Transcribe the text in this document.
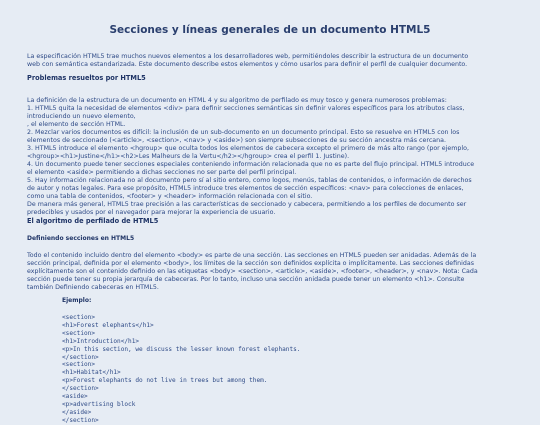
Secciones y líneas generales de un documento HTML5
La especificación HTML5 trae muchos nuevos elementos a los desarrolladores web, permitiéndoles describir la estructura de un documento
web con semántica estandarizada. Este documento describe estos elementos y cómo usarlos para definir el perfil de cualquier documento.
Problemas resueltos por HTML5
La definición de la estructura de un documento en HTML 4 y su algoritmo de perfilado es muy tosco y genera numerosos problemas:
1. HTML5 quita la necesidad de elementos <div> para definir secciones semánticas sin definir valores específicos para los atributos class,
introduciendo un nuevo elemento,
, el elemento de sección HTML.
2. Mezclar varios documentos es difícil: la inclusión de un sub-documento en un documento principal. Esto se resuelve en HTML5 con los
elementos de seccionado (<article>, <section>, <nav> y <aside>) son siempre subsecciones de su sección ancestra más cercana.
3. HTML5 introduce el elemento <hgroup> que oculta todos los elementos de cabecera excepto el primero de más alto rango (por ejemplo,
<hgroup><h1>Justine</h1><h2>Les Malheurs de la Vertu</h2></hgroup> crea el perfil 1. Justine).
4. Un documento puede tener secciones especiales conteniendo información relacionada que no es parte del flujo principal. HTML5 introduce
el elemento <aside> permitiendo a dichas secciones no ser parte del perfil principal.
5. Hay información relacionada no al documento pero sí al sitio entero, como logos, menús, tablas de contenidos, o información de derechos
de autor y notas legales. Para ese propósito, HTML5 introduce tres elementos de sección específicos: <nav> para colecciones de enlaces,
como una tabla de contenidos, <footer> y <header> información relacionada con el sitio.
De manera más general, HTML5 trae precisión a las características de seccionado y cabecera, permitiendo a los perfiles de documento ser
predecibles y usados por el navegador para mejorar la experiencia de usuario.
El algoritmo de perfilado de HTML5
Definiendo secciones en HTML5
Todo el contenido incluido dentro del elemento <body> es parte de una sección. Las secciones en HTML5 pueden ser anidadas. Además de la
sección principal, definida por el elemento <body>, los límites de la sección son definidos explícita o implícitamente. Las secciones definidas
explícitamente son el contenido definido en las etiquetas <body> <section>, <article>, <aside>, <footer>, <header>, y <nav>. Nota: Cada
sección puede tener su propia jerarquía de cabeceras. Por lo tanto, incluso una sección anidada puede tener un elemento <h1>. Consulte
también Definiendo cabeceras en HTML5.
Ejemplo:
<section>
<h1>Forest elephants</h1>
<section>
<h1>Introduction</h1>
<p>In this section, we discuss the lesser known forest elephants.
</section>
<section>
<h1>Habitat</h1>
<p>Forest elephants do not live in trees but among them.
</section>
<aside>
<p>advertising block
</aside>
</section>
